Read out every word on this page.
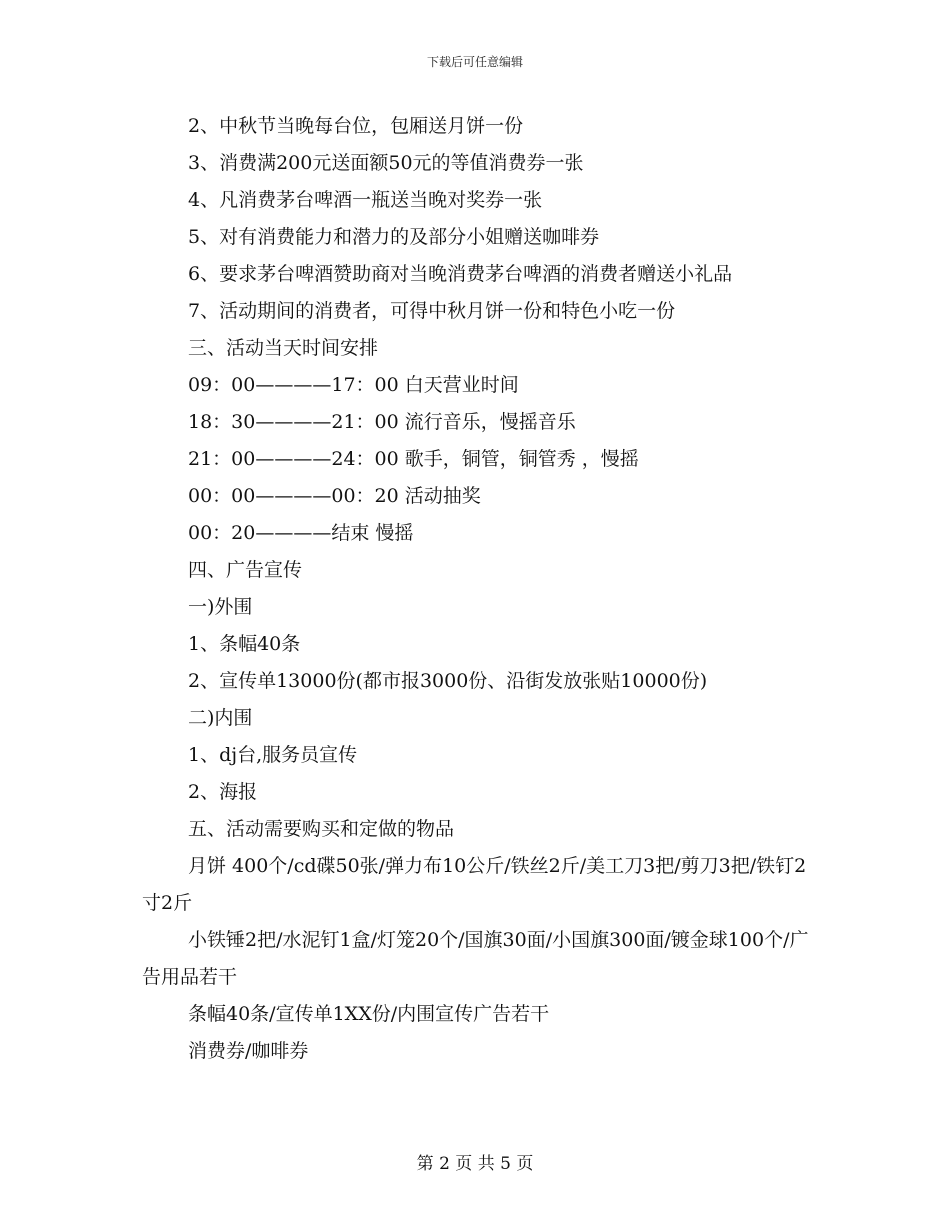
下载后可任意编辑
2、中秋节当晚每台位，包厢送月饼一份
3、消费满200元送面额50元的等值消费券一张
4、凡消费茅台啤酒一瓶送当晚对奖券一张
5、对有消费能力和潜力的及部分小姐赠送咖啡券
6、要求茅台啤酒赞助商对当晚消费茅台啤酒的消费者赠送小礼品
7、活动期间的消费者，可得中秋月饼一份和特色小吃一份
三、活动当天时间安排
09：00————17：00 白天营业时间
18：30————21：00 流行音乐，慢摇音乐
21：00————24：00 歌手，铜管，铜管秀 ，慢摇
00：00————00：20 活动抽奖
00：20————结束 慢摇
四、广告宣传
一)外围
1、条幅40条
2、宣传单13000份(都市报3000份、沿街发放张贴10000份)
二)内围
1、dj台,服务员宣传
2、海报
五、活动需要购买和定做的物品
月饼 400个/cd碟50张/弹力布10公斤/铁丝2斤/美工刀3把/剪刀3把/铁钉2寸2斤
小铁锤2把/水泥钉1盒/灯笼20个/国旗30面/小国旗300面/镀金球100个/广告用品若干
条幅40条/宣传单1XX份/内围宣传广告若干
消费券/咖啡券
第 2 页 共 5 页
